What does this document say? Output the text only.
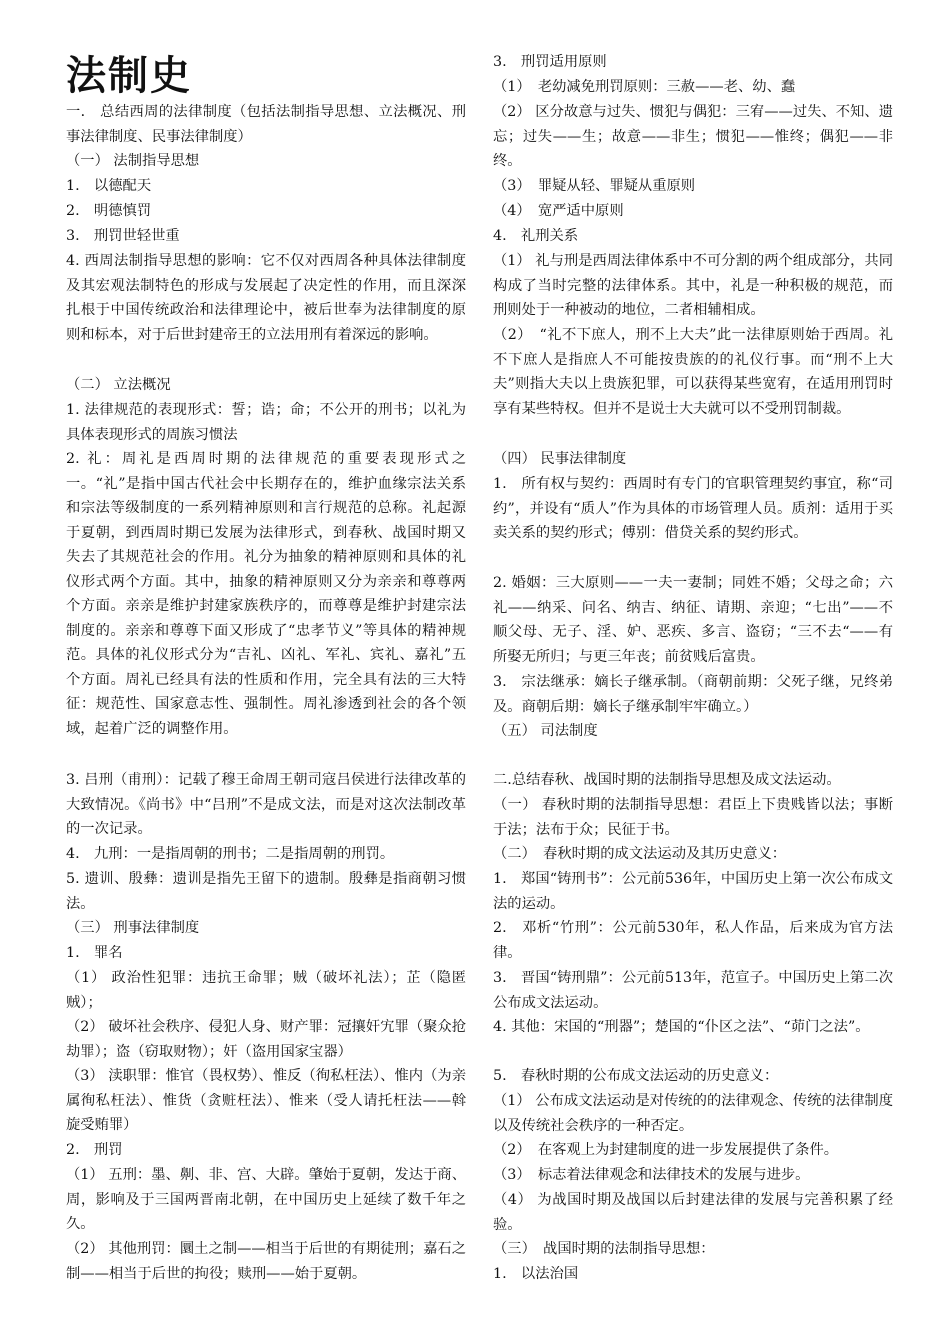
法制史
一． 总结西周的法律制度（包括法制指导思想、立法概况、刑事法律制度、民事法律制度）
（一） 法制指导思想
1.　以德配天
2.　明德慎罚
3.　刑罚世轻世重
4. 西周法制指导思想的影响：它不仅对西周各种具体法律制度及其宏观法制特色的形成与发展起了决定性的作用，而且深深扎根于中国传统政治和法律理论中，被后世奉为法律制度的原则和标本，对于后世封建帝王的立法用刑有着深远的影响。
（二） 立法概况
1. 法律规范的表现形式：誓；诰；命；不公开的刑书；以礼为具体表现形式的周族习惯法
2. 礼：周礼是西周时期的法律规范的重要表现形式之一。“礼”是指中国古代社会中长期存在的，维护血缘宗法关系和宗法等级制度的一系列精神原则和言行规范的总称。礼起源于夏朝，到西周时期已发展为法律形式，到春秋、战国时期又失去了其规范社会的作用。礼分为抽象的精神原则和具体的礼仪形式两个方面。其中，抽象的精神原则又分为亲亲和尊尊两个方面。亲亲是维护封建家族秩序的，而尊尊是维护封建宗法制度的。亲亲和尊尊下面又形成了“忠孝节义”等具体的精神规范。具体的礼仪形式分为“吉礼、凶礼、军礼、宾礼、嘉礼”五个方面。周礼已经具有法的性质和作用，完全具有法的三大特征：规范性、国家意志性、强制性。周礼渗透到社会的各个领域，起着广泛的调整作用。
3. 吕刑（甫刑）：记载了穆王命周王朝司寇吕侯进行法律改革的大致情况。《尚书》中“吕刑”不是成文法，而是对这次法制改革的一次记录。
4.　九刑：一是指周朝的刑书；二是指周朝的刑罚。
5. 遗训、殷彝：遗训是指先王留下的遗制。殷彝是指商朝习惯法。
（三） 刑事法律制度
1.　罪名
（1） 政治性犯罪：违抗王命罪；贼（破坏礼法）；芷（隐匿贼）；
（2） 破坏社会秩序、侵犯人身、财产罪：冠攘奸宄罪（聚众抢劫罪）；盗（窃取财物）；奸（盗用国家宝器）
（3） 渎职罪：惟官（畏权势）、惟反（徇私枉法）、惟内（为亲属徇私枉法）、惟货（贪赃枉法）、惟来（受人请托枉法——斡旋受贿罪）
2.　刑罚
（1） 五刑：墨、劓、非、宫、大辟。肇始于夏朝，发达于商、周，影响及于三国两晋南北朝，在中国历史上延续了数千年之久。
（2） 其他刑罚：圜土之制——相当于后世的有期徒刑；嘉石之制——相当于后世的拘役；赎刑——始于夏朝。
3.　刑罚适用原则
（1）　老幼减免刑罚原则：三赦——老、幼、蠢
（2） 区分故意与过失、惯犯与偶犯：三宥——过失、不知、遗忘；过失——生；故意——非生；惯犯——惟终；偶犯——非终。
（3）　罪疑从轻、罪疑从重原则
（4）　宽严适中原则
4.　礼刑关系
（1） 礼与刑是西周法律体系中不可分割的两个组成部分，共同构成了当时完整的法律体系。其中，礼是一种积极的规范，而刑则处于一种被动的地位，二者相辅相成。
（2）　“礼不下庶人，刑不上大夫”此一法律原则始于西周。礼不下庶人是指庶人不可能按贵族的的礼仪行事。而“刑不上大夫”则指大夫以上贵族犯罪，可以获得某些宽宥，在适用刑罚时享有某些特权。但并不是说士大夫就可以不受刑罚制裁。
（四） 民事法律制度
1.　所有权与契约：西周时有专门的官职管理契约事宜，称“司约”，并设有“质人”作为具体的市场管理人员。质剂：适用于买卖关系的契约形式；傅别：借贷关系的契约形式。
2. 婚姻：三大原则——一夫一妻制；同姓不婚；父母之命；六礼——纳采、问名、纳吉、纳征、请期、亲迎；“七出”——不顺父母、无子、淫、妒、恶疾、多言、盗窃；“三不去“——有所娶无所归；与更三年丧；前贫贱后富贵。
3.　宗法继承：嫡长子继承制。（商朝前期：父死子继，兄终弟及。商朝后期：嫡长子继承制牢牢确立。）
（五） 司法制度
二.总结春秋、战国时期的法制指导思想及成文法运动。
（一） 春秋时期的法制指导思想：君臣上下贵贱皆以法；事断于法；法布于众；民征于书。
（二）　春秋时期的成文法运动及其历史意义：
1.　郑国“铸刑书”：公元前536年，中国历史上第一次公布成文法的运动。
2.　邓析“竹刑”：公元前530年，私人作品，后来成为官方法律。
3.　晋国“铸刑鼎”：公元前513年，范宣子。中国历史上第二次公布成文法运动。
4. 其他：宋国的“刑器”；楚国的“仆区之法”、“茆门之法”。
5.　春秋时期的公布成文法运动的历史意义：
（1） 公布成文法运动是对传统的的法律观念、传统的法律制度以及传统社会秩序的一种否定。
（2）　在客观上为封建制度的进一步发展提供了条件。
（3）　标志着法律观念和法律技术的发展与进步。
（4） 为战国时期及战国以后封建法律的发展与完善积累了经验。
（三）　战国时期的法制指导思想：
1.　以法治国
